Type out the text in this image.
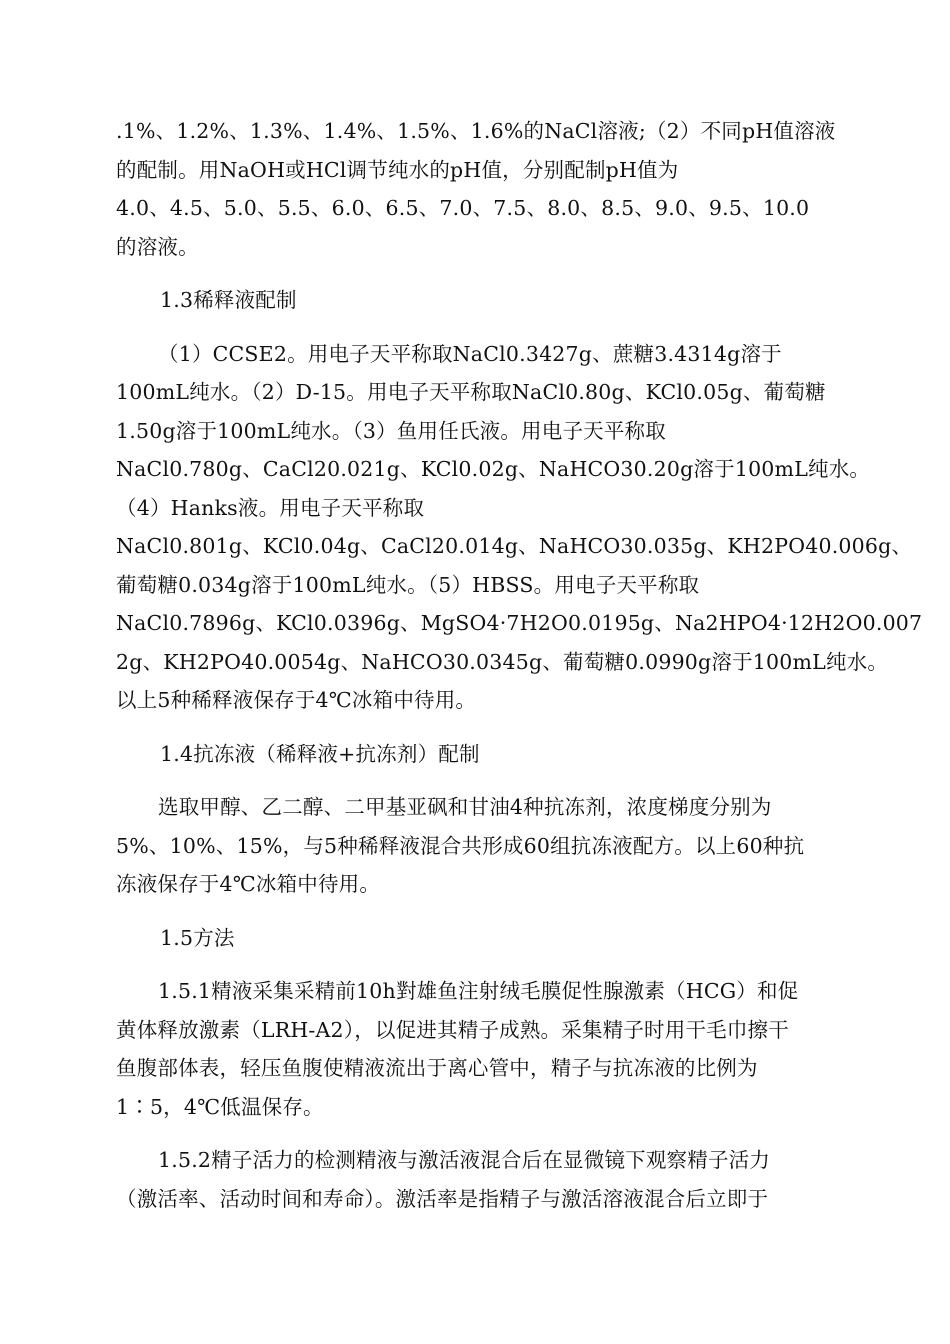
.1%、1.2%、1.3%、1.4%、1.5%、1.6%的NaCl溶液;（2）不同pH值溶液
的配制。用NaOH或HCl调节纯水的pH值，分别配制pH值为
4.0、4.5、5.0、5.5、6.0、6.5、7.0、7.5、8.0、8.5、9.0、9.5、10.0
的溶液。

1.3稀释液配制

（1）CCSE2。用电子天平称取NaCl0.3427g、蔗糖3.4314g溶于
100mL纯水。（2）D-15。用电子天平称取NaCl0.80g、KCl0.05g、葡萄糖
1.50g溶于100mL纯水。（3）鱼用任氏液。用电子天平称取
NaCl0.780g、CaCl20.021g、KCl0.02g、NaHCO30.20g溶于100mL纯水。
（4）Hanks液。用电子天平称取
NaCl0.801g、KCl0.04g、CaCl20.014g、NaHCO30.035g、KH2PO40.006g、
葡萄糖0.034g溶于100mL纯水。（5）HBSS。用电子天平称取
NaCl0.7896g、KCl0.0396g、MgSO4·7H2O0.0195g、Na2HPO4·12H2O0.007
2g、KH2PO40.0054g、NaHCO30.0345g、葡萄糖0.0990g溶于100mL纯水。
以上5种稀释液保存于4℃冰箱中待用。

1.4抗冻液（稀释液+抗冻剂）配制

选取甲醇、乙二醇、二甲基亚砜和甘油4种抗冻剂，浓度梯度分别为
5%、10%、15%，与5种稀释液混合共形成60组抗冻液配方。以上60种抗
冻液保存于4℃冰箱中待用。

1.5方法

1.5.1精液采集采精前10h對雄鱼注射绒毛膜促性腺激素（HCG）和促
黄体释放激素（LRH-A2），以促进其精子成熟。采集精子时用干毛巾擦干
鱼腹部体表，轻压鱼腹使精液流出于离心管中，精子与抗冻液的比例为
1∶5，4℃低温保存。

1.5.2精子活力的检测精液与激活液混合后在显微镜下观察精子活力
（激活率、活动时间和寿命）。激活率是指精子与激活溶液混合后立即于
